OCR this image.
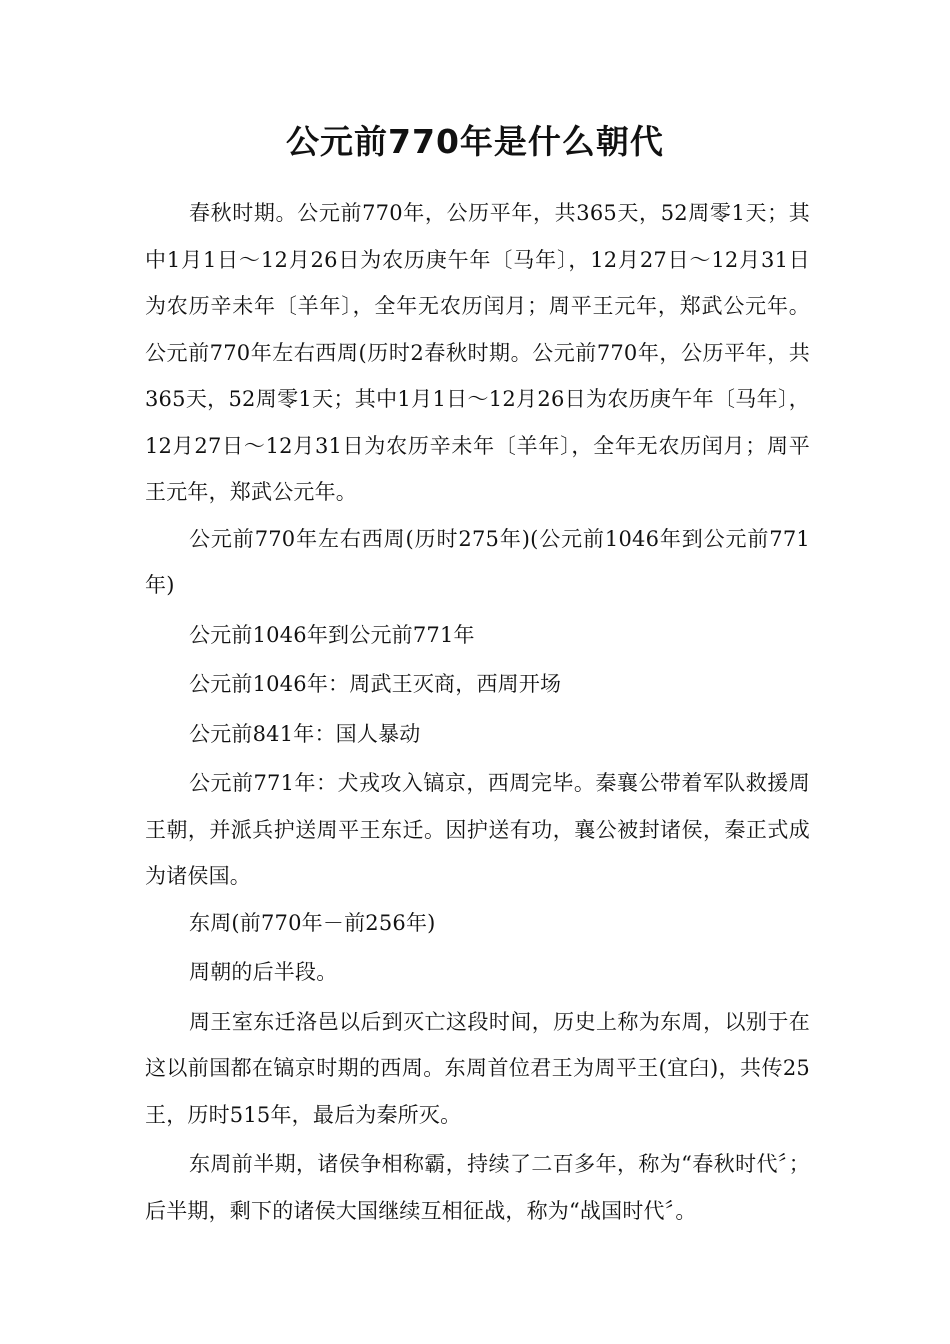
公元前770年是什么朝代

春秋时期。公元前770年，公历平年，共365天，52周零1天；其中1月1日～12月26日为农历庚午年〔马年〕，12月27日～12月31日为农历辛未年〔羊年〕，全年无农历闰月；周平王元年，郑武公元年。公元前770年左右西周(历时2春秋时期。公元前770年，公历平年，共365天，52周零1天；其中1月1日～12月26日为农历庚午年〔马年〕，12月27日～12月31日为农历辛未年〔羊年〕，全年无农历闰月；周平王元年，郑武公元年。

公元前770年左右西周(历时275年)(公元前1046年到公元前771年)

公元前1046年到公元前771年

公元前1046年：周武王灭商，西周开场

公元前841年：国人暴动

公元前771年：犬戎攻入镐京，西周完毕。秦襄公带着军队救援周王朝，并派兵护送周平王东迁。因护送有功，襄公被封诸侯，秦正式成为诸侯国。

东周(前770年－前256年)

周朝的后半段。

周王室东迁洛邑以后到灭亡这段时间，历史上称为东周，以别于在这以前国都在镐京时期的西周。东周首位君王为周平王(宜臼)，共传25王，历时515年，最后为秦所灭。

东周前半期，诸侯争相称霸，持续了二百多年，称为“春秋时代〞；后半期，剩下的诸侯大国继续互相征战，称为“战国时代〞。
